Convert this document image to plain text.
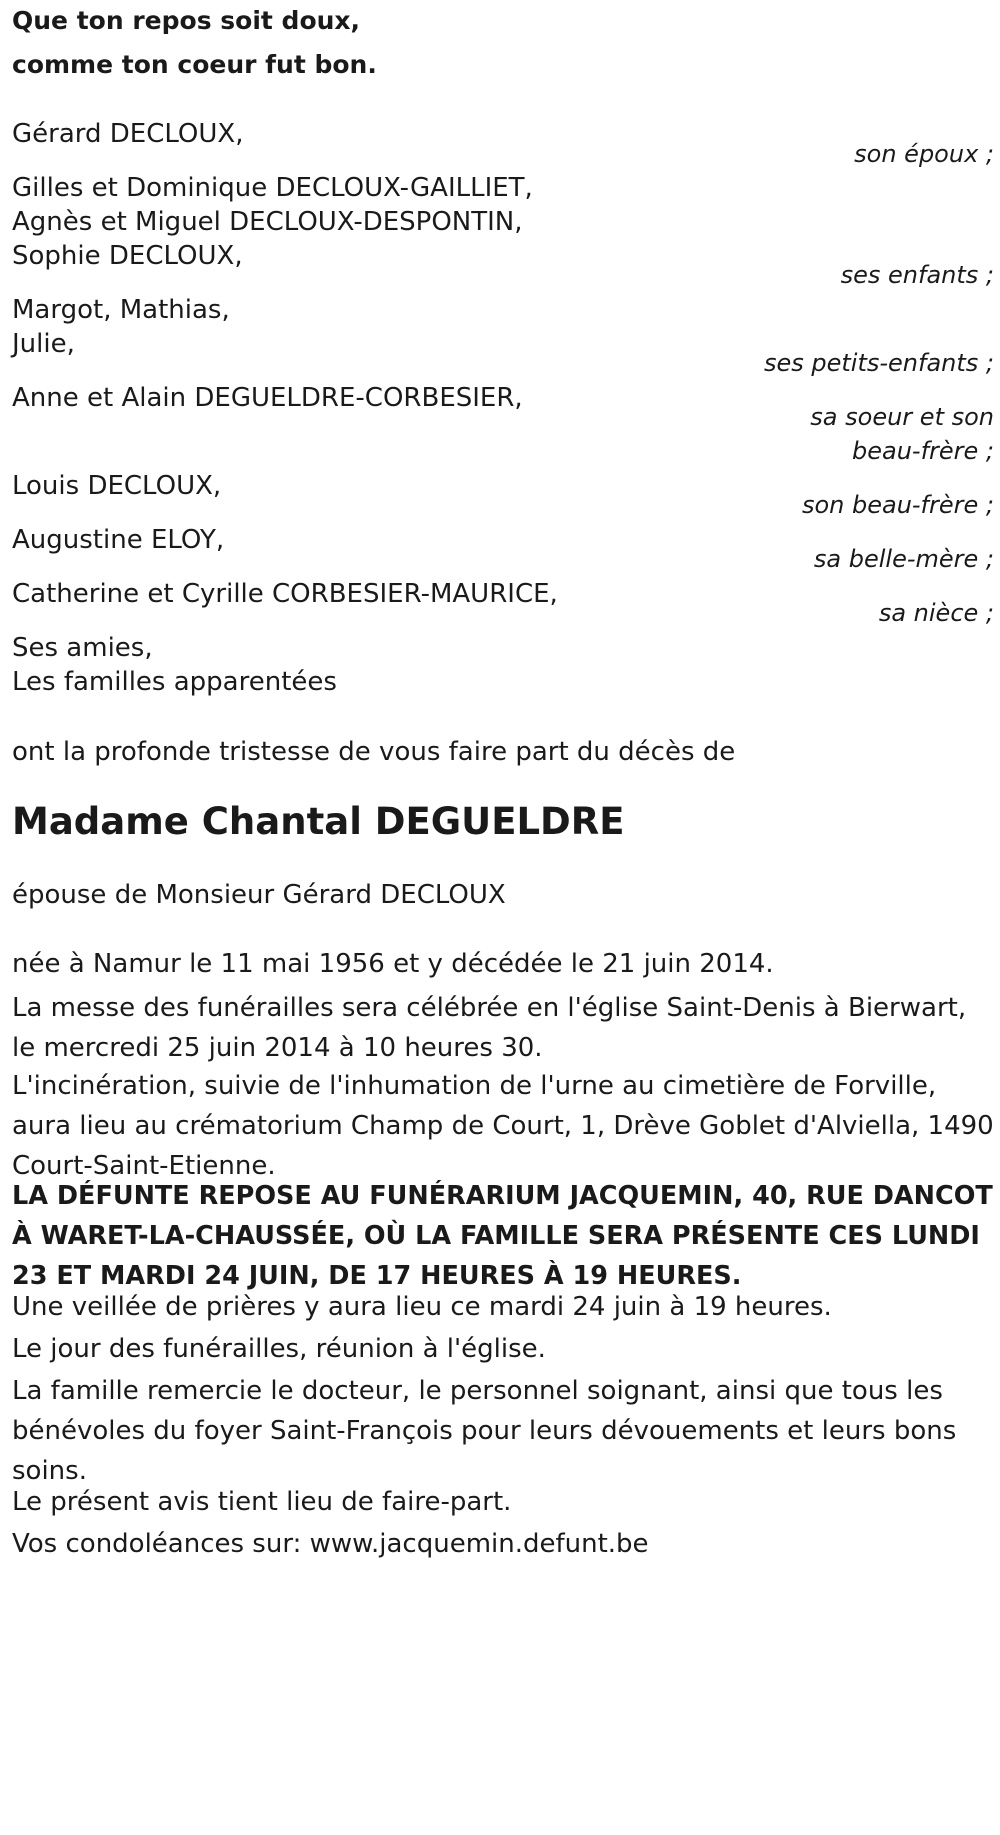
Que ton repos soit doux,
comme ton coeur fut bon.
Gérard DECLOUX,
son époux ;
Gilles et Dominique DECLOUX-GAILLIET,
Agnès et Miguel DECLOUX-DESPONTIN,
Sophie DECLOUX,
ses enfants ;
Margot, Mathias,
Julie,
ses petits-enfants ;
Anne et Alain DEGUELDRE-CORBESIER,
sa soeur et son
beau-frère ;
Louis DECLOUX,
son beau-frère ;
Augustine ELOY,
sa belle-mère ;
Catherine et Cyrille CORBESIER-MAURICE,
sa nièce ;
Ses amies,
Les familles apparentées
ont la profonde tristesse de vous faire part du décès de
Madame Chantal DEGUELDRE
épouse de Monsieur Gérard DECLOUX
née à Namur le 11 mai 1956 et y décédée le 21 juin 2014.
La messe des funérailles sera célébrée en l'église Saint-Denis à Bierwart, le mercredi 25 juin 2014 à 10 heures 30.
L'incinération, suivie de l'inhumation de l'urne au cimetière de Forville, aura lieu au crématorium Champ de Court, 1, Drève Goblet d'Alviella, 1490 Court-Saint-Etienne.
LA DÉFUNTE REPOSE AU FUNÉRARIUM JACQUEMIN, 40, RUE DANCOT À WARET-LA-CHAUSSÉE, OÙ LA FAMILLE SERA PRÉSENTE CES LUNDI 23 ET MARDI 24 JUIN, DE 17 HEURES À 19 HEURES.
Une veillée de prières y aura lieu ce mardi 24 juin à 19 heures.
Le jour des funérailles, réunion à l'église.
La famille remercie le docteur, le personnel soignant, ainsi que tous les bénévoles du foyer Saint-François pour leurs dévouements et leurs bons soins.
Le présent avis tient lieu de faire-part.
Vos condoléances sur: www.jacquemin.defunt.be
